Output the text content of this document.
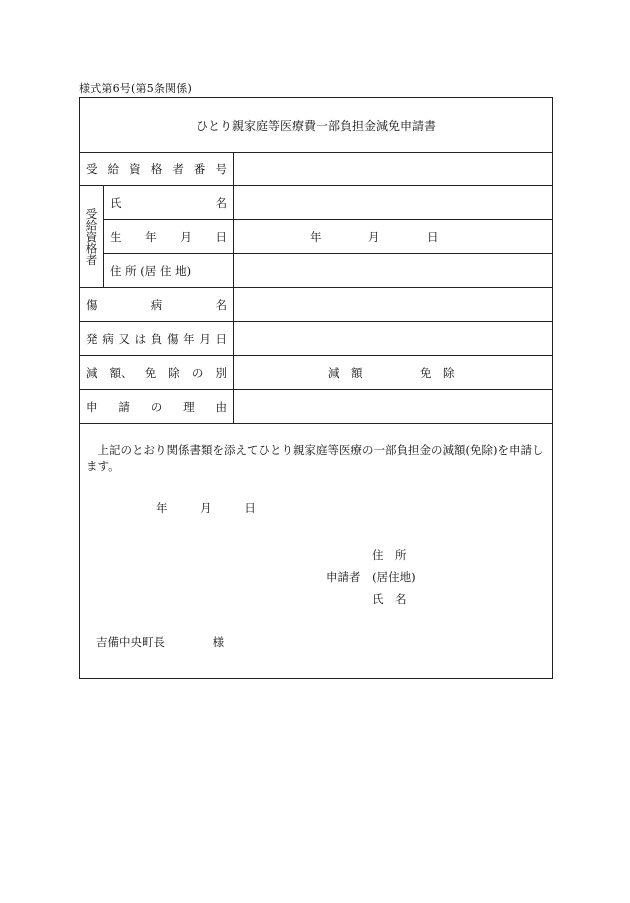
様式第6号(第5条関係)
ひとり親家庭等医療費一部負担金減免申請書
受 給 資 格 者 番 号
受給資格者
氏	名
生 年 月 日	年	月	日
住 所 (居 住 地)
傷	病	名
発 病 又 は 負 傷 年 月 日
減 額、 免 除 の 別	減　額	免　除
申 請 の 理 由
　上記のとおり関係書類を添えてひとり親家庭等医療の一部負担金の減額(免除)を申請します。
年	月	日
住　所
申請者 (居住地)
氏　名
吉備中央町長	様
